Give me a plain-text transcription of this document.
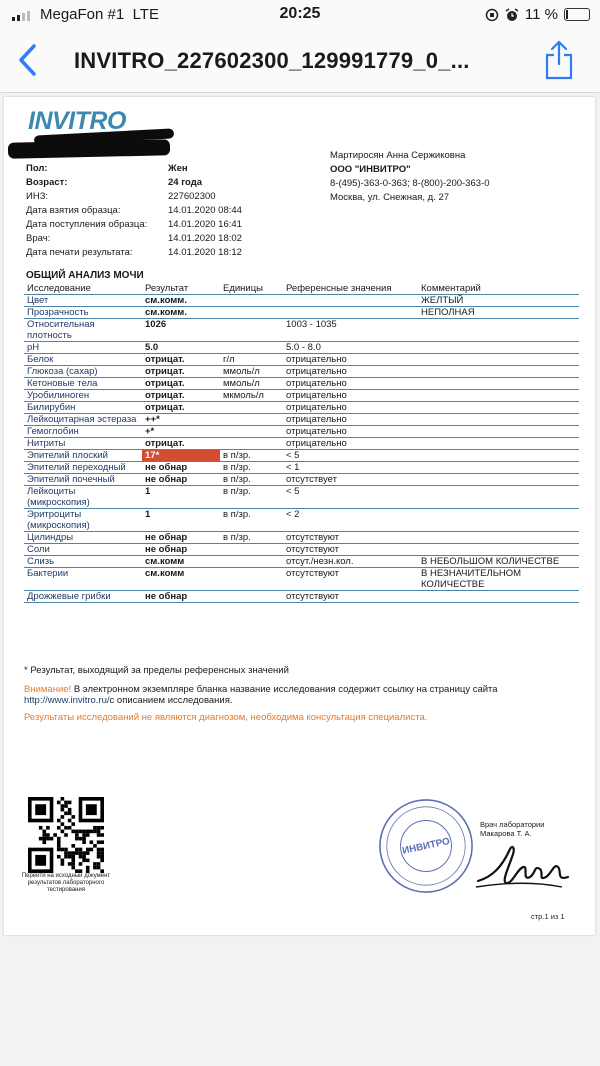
MegaFon #1 LTE	20:25	11 %
INVITRO_227602300_129991779_0_...
INVITRO
Пол:	Жен
Возраст:	24 года
ИНЗ:	227602300
Дата взятия образца:	14.01.2020 08:44
Дата поступления образца: 14.01.2020 16:41
Врач:	14.01.2020 18:02
Дата печати результата:	14.01.2020 18:12
Мартиросян Анна Сержиковна
ООО "ИНВИТРО"
8-(495)-363-0-363; 8-(800)-200-363-0
Москва, ул. Снежная, д. 27
ОБЩИЙ АНАЛИЗ МОЧИ
Исследование	Результат	Единицы	Референсные значения	Комментарий
Цвет	см.комм.			ЖЕЛТЫЙ
Прозрачность	см.комм.			НЕПОЛНАЯ
Относительная плотность	1026		1003 - 1035	
pH	5.0		5.0 - 8.0	
Белок	отрицат.	г/л	отрицательно	
Глюкоза (сахар)	отрицат.	ммоль/л	отрицательно	
Кетоновые тела	отрицат.	ммоль/л	отрицательно	
Уробилиноген	отрицат.	мкмоль/л	отрицательно	
Билирубин	отрицат.		отрицательно	
Лейкоцитарная эстераза	++*		отрицательно	
Гемоглобин	+*		отрицательно	
Нитриты	отрицат.		отрицательно	
Эпителий плоский	17*	в п/зр.	< 5	
Эпителий переходный	не обнар	в п/зр.	< 1	
Эпителий почечный	не обнар	в п/зр.	отсутствует	
Лейкоциты (микроскопия)	1	в п/зр.	< 5	
Эритроциты (микроскопия)	1	в п/зр.	< 2	
Цилиндры	не обнар	в п/зр.	отсутствуют	
Соли	не обнар		отсутствуют	
Слизь	см.комм		отсут./незн.кол.	В НЕБОЛЬШОМ КОЛИЧЕСТВЕ
Бактерии	см.комм		отсутствуют	В НЕЗНАЧИТЕЛЬНОМ КОЛИЧЕСТВЕ
Дрожжевые грибки	не обнар		отсутствуют	
* Результат, выходящий за пределы референсных значений
Внимание! В электронном экземпляре бланка название исследования содержит ссылку на страницу сайта
http://www.invitro.ru/с описанием исследования.
Результаты исследований не являются диагнозом, необходима консультация специалиста.
Перейти на исходный документ результатов лабораторного тестирования
ИНВИТРО
Врач лаборатории
Макарова Т. А.
стр.1 из 1
